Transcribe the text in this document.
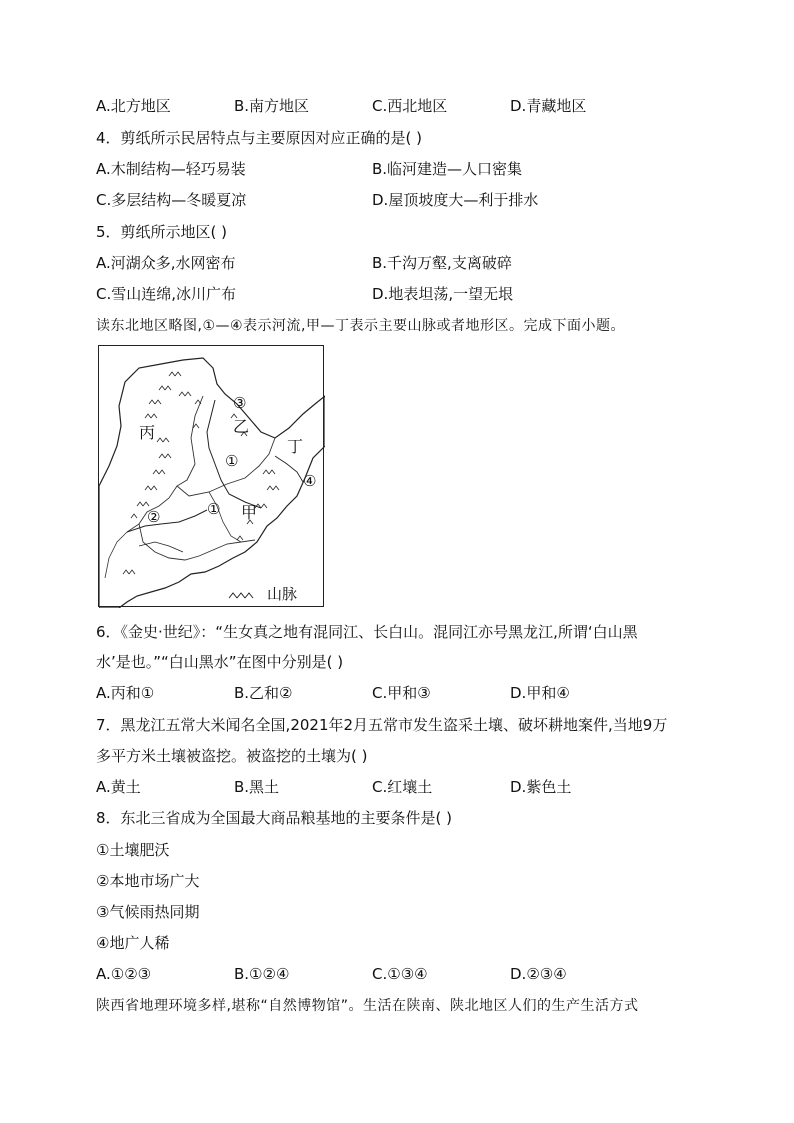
A.北方地区	B.南方地区	C.西北地区	D.青藏地区
4．剪纸所示民居特点与主要原因对应正确的是( )
A.木制结构—轻巧易装	B.临河建造—人口密集
C.多层结构—冬暖夏凉	D.屋顶坡度大—利于排水
5．剪纸所示地区( )
A.河湖众多,水网密布	B.千沟万壑,支离破碎
C.雪山连绵,冰川广布	D.地表坦荡,一望无垠
读东北地区略图,①—④表示河流,甲—丁表示主要山脉或者地形区。完成下面小题。
丙	乙
丁
甲
③
①
④
①
②
山脉
6．《金史·世纪》：“生女真之地有混同江、长白山。混同江亦号黑龙江,所谓‘白山黑
水’是也。”“白山黑水”在图中分别是( )
A.丙和①	B.乙和②	C.甲和③	D.甲和④
7．黑龙江五常大米闻名全国,2021年2月五常市发生盗采土壤、破坏耕地案件,当地9万
多平方米土壤被盗挖。被盗挖的土壤为( )
A.黄土	B.黑土	C.红壤土	D.紫色土
8．东北三省成为全国最大商品粮基地的主要条件是( )
①土壤肥沃
②本地市场广大
③气候雨热同期
④地广人稀
A.①②③	B.①②④	C.①③④	D.②③④
陕西省地理环境多样,堪称“自然博物馆”。生活在陕南、陕北地区人们的生产生活方式
